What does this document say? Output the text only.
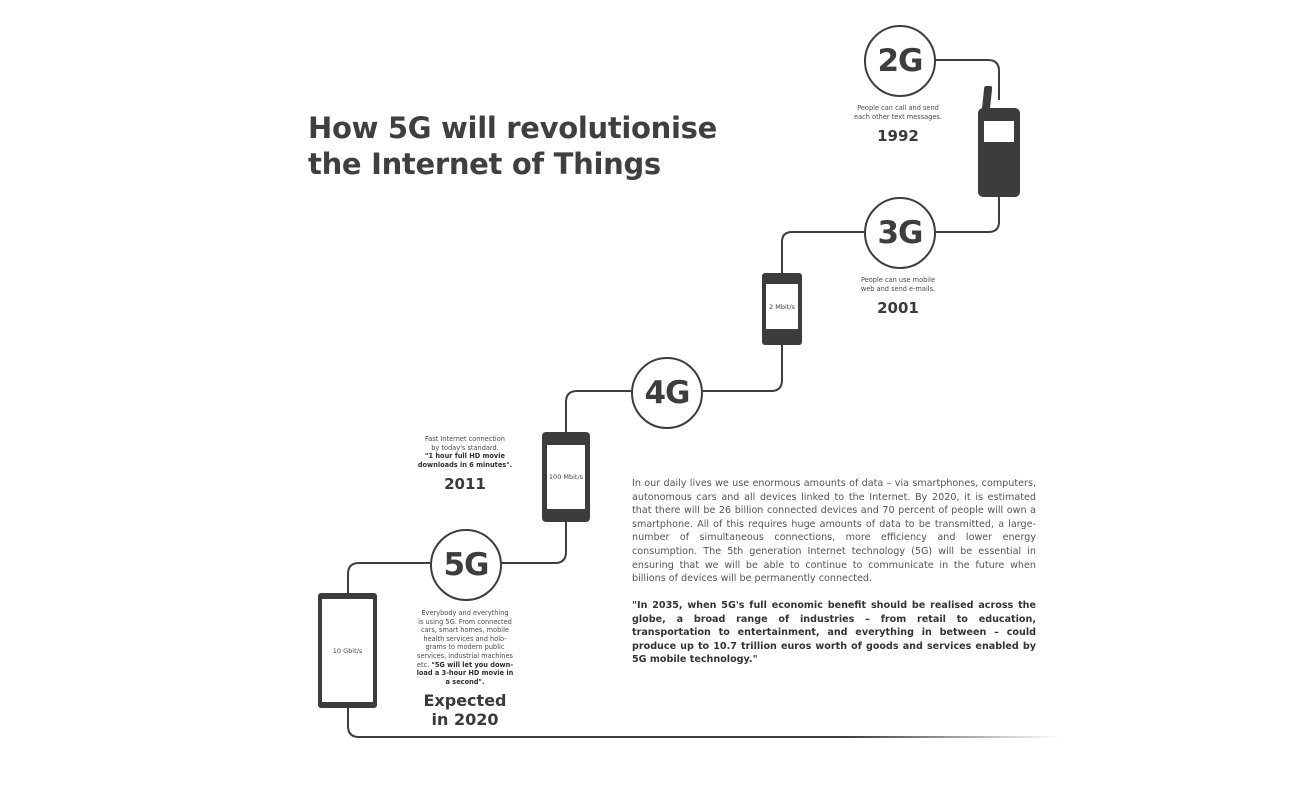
How 5G will revolutionise
the Internet of Things
2G
People can call and send
each other text messages.
1992
3G
People can use mobile
web and send e-mails.
2001
2 Mbit/s
4G
Fast Internet connection
by today's standard.
"1 hour full HD movie
downloads in 6 minutes".
2011	100 Mbit/s
5G
Everybody and everything
is using 5G. From connected
cars, smart homes, mobile
health services and holo-
grams to modern public
services, industrial machines
etc. "5G will let you down-
load a 3-hour HD movie in
a second".
Expected
in 2020
10 Gbit/s
In our daily lives we use enormous amounts of data – via smartphones, computers, autonomous cars and all devices linked to the Internet. By 2020, it is estimated that there will be 26 billion connected devices and 70 percent of people will own a smartphone. All of this requires huge amounts of data to be transmitted, a large-number of simultaneous connections, more efficiency and lower energy consumption. The 5th generation Internet technology (5G) will be essential in ensuring that we will be able to continue to communicate in the future when billions of devices will be permanently connected.
"In 2035, when 5G's full economic benefit should be realised across the globe, a broad range of industries – from retail to education, transportation to entertainment, and everything in between – could produce up to 10.7 trillion euros worth of goods and services enabled by 5G mobile technology."
